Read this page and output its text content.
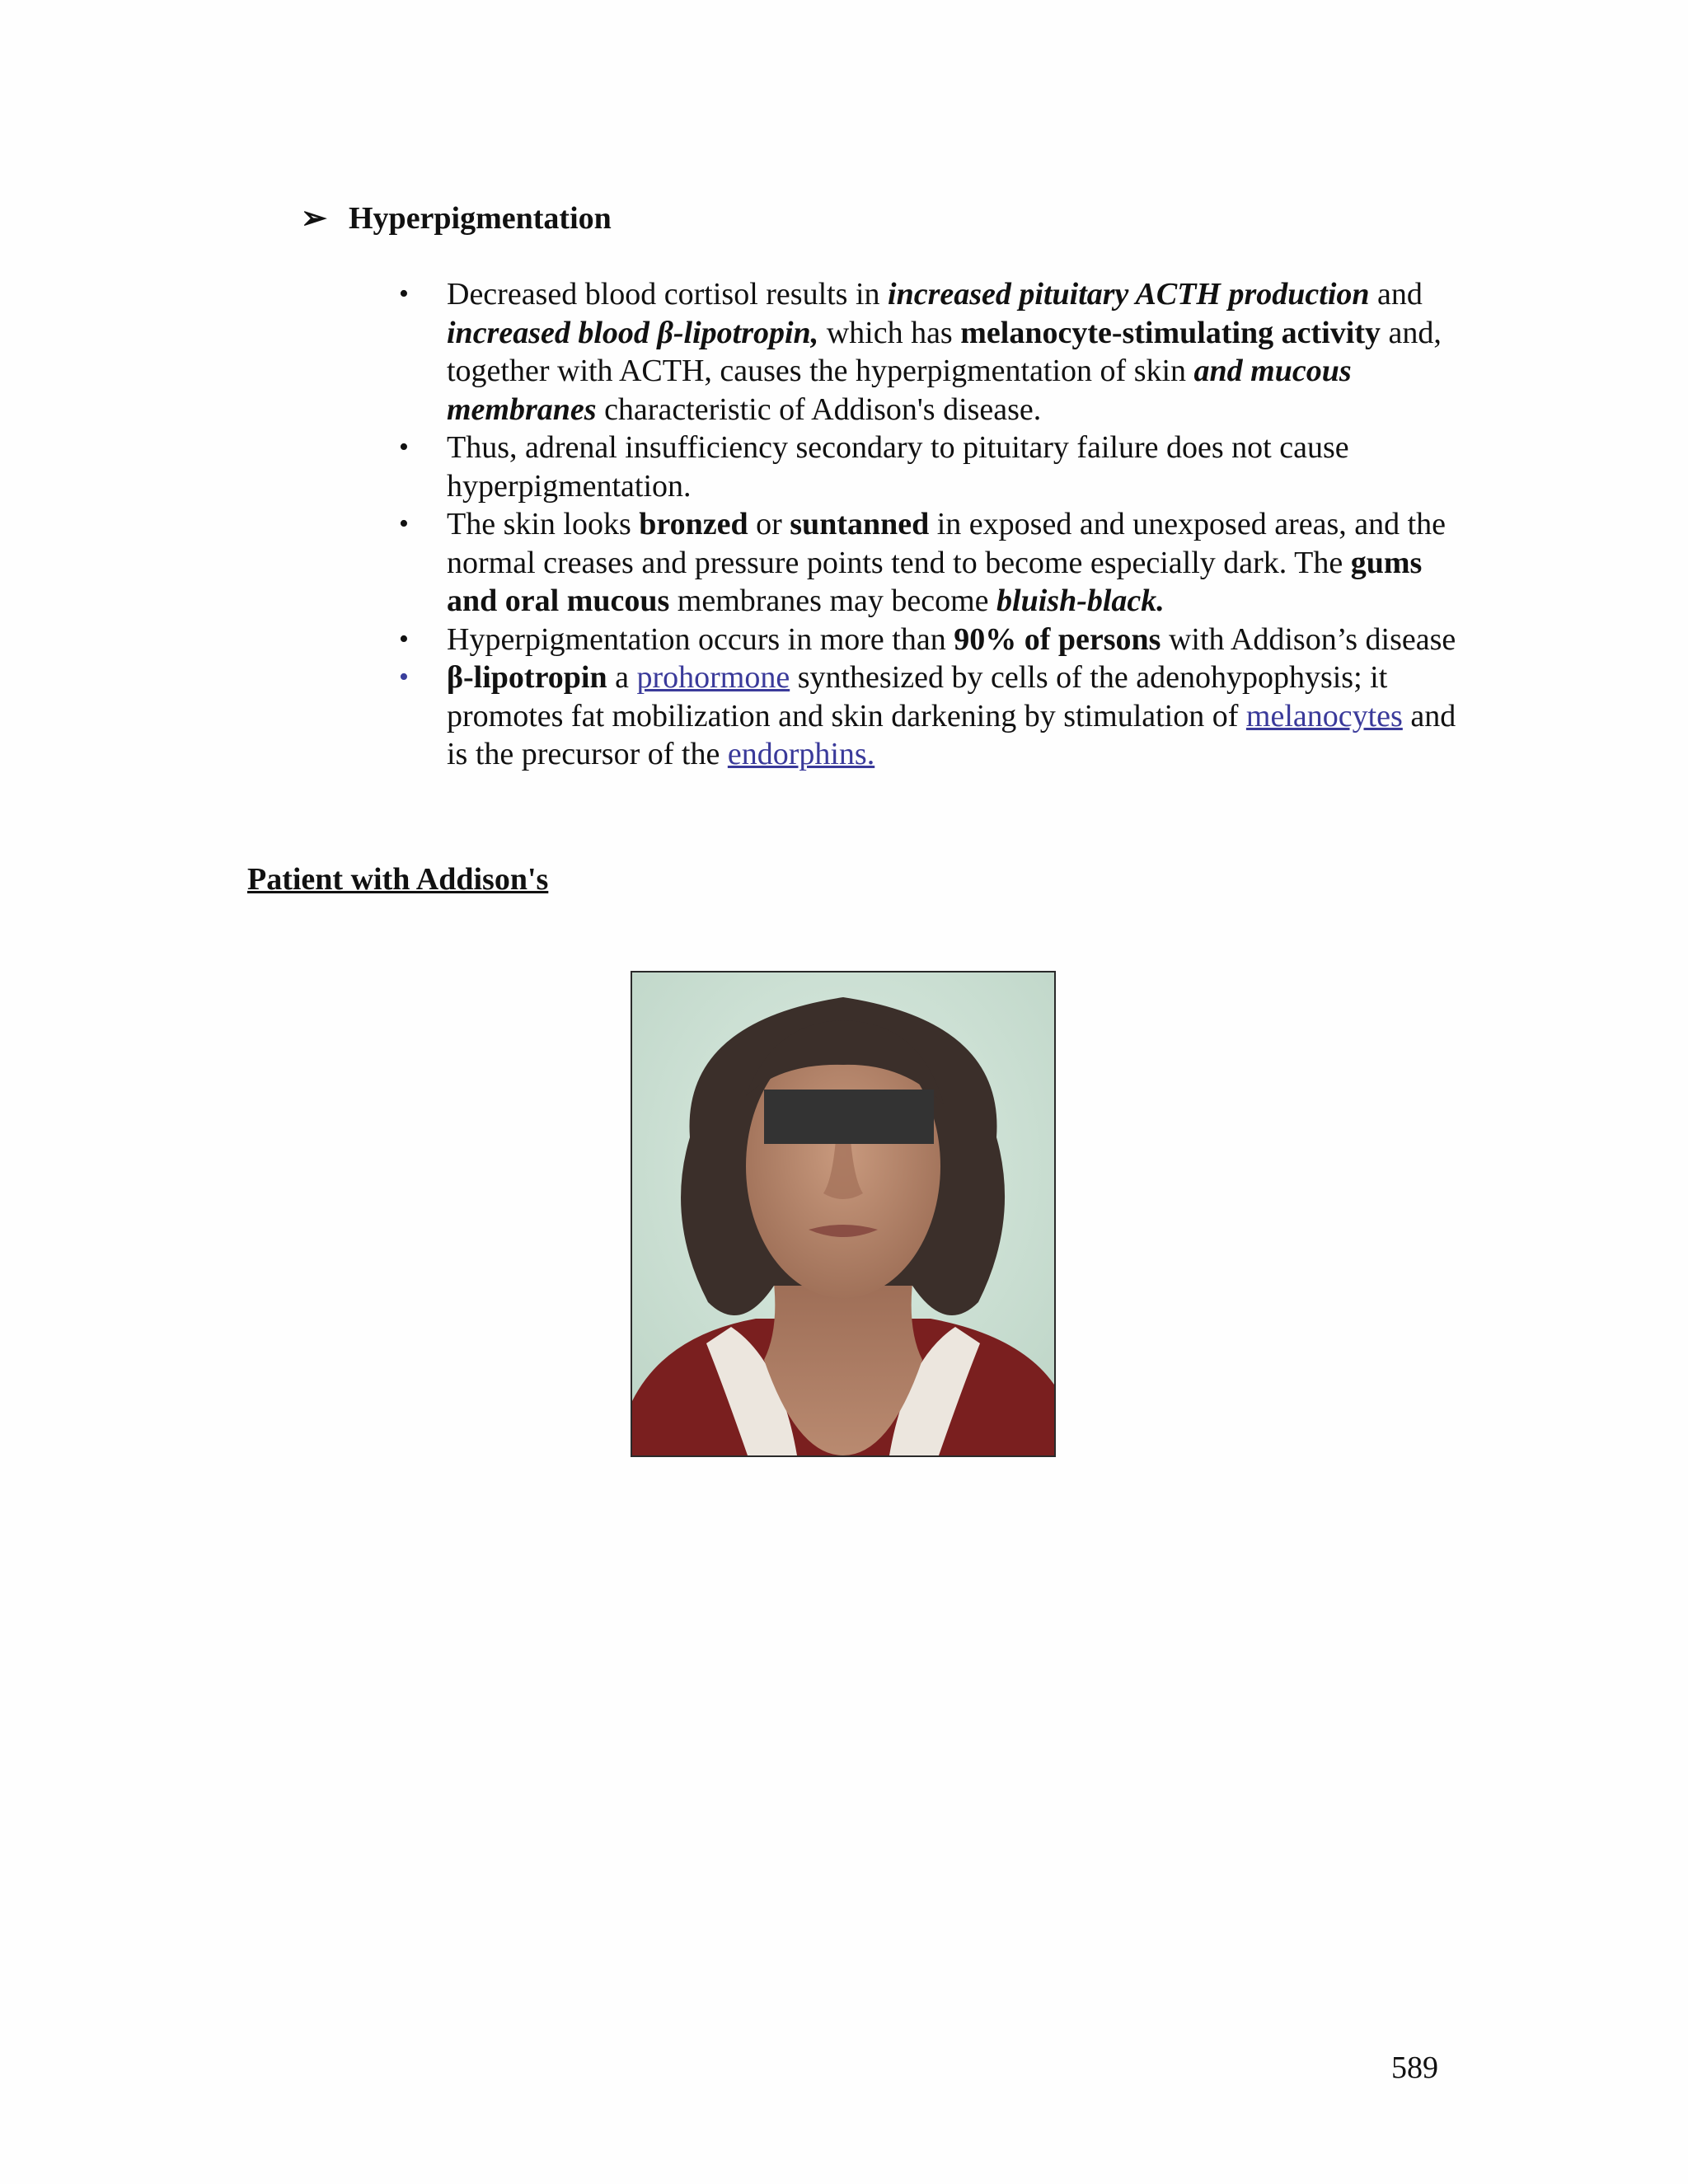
➢ Hyperpigmentation
• Decreased blood cortisol results in increased pituitary ACTH production and increased blood β-lipotropin, which has melanocyte-stimulating activity and, together with ACTH, causes the hyperpigmentation of skin and mucous membranes characteristic of Addison's disease.
• Thus, adrenal insufficiency secondary to pituitary failure does not cause hyperpigmentation.
• The skin looks bronzed or suntanned in exposed and unexposed areas, and the normal creases and pressure points tend to become especially dark. The gums and oral mucous membranes may become bluish-black.
• Hyperpigmentation occurs in more than 90% of persons with Addison’s disease
• β-lipotropin a prohormone synthesized by cells of the adenohypophysis; it promotes fat mobilization and skin darkening by stimulation of melanocytes and is the precursor of the endorphins.
Patient with Addison's
589
